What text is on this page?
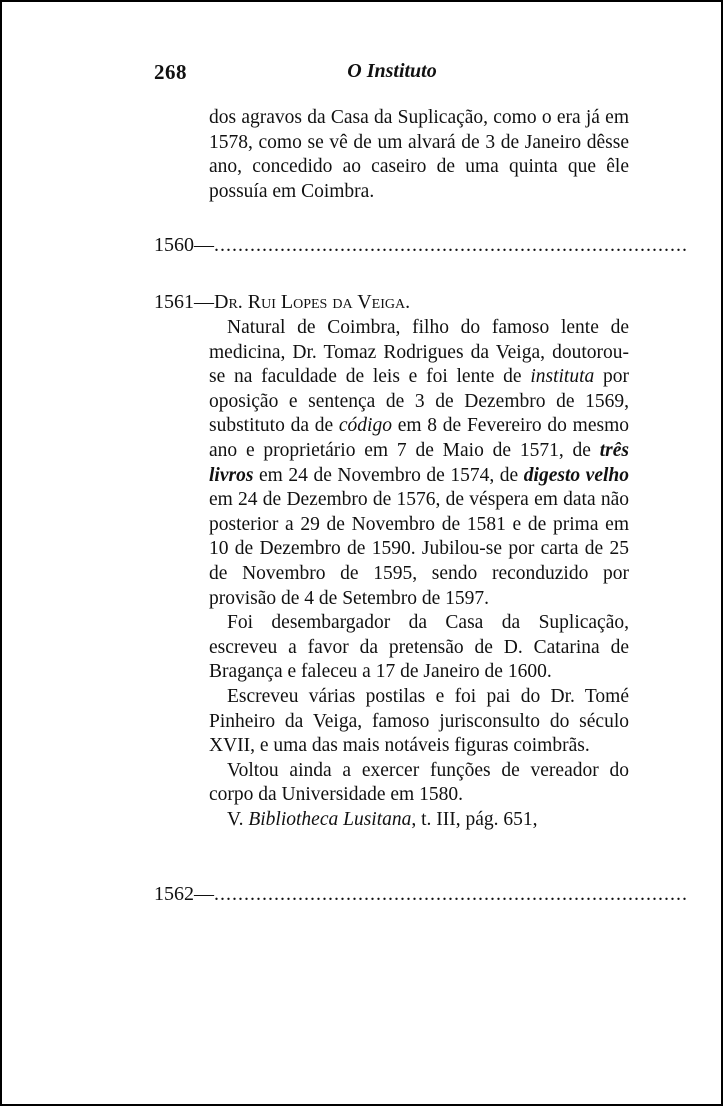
268	O Instituto
dos agravos da Casa da Suplicação, como o era já em 1578, como se vê de um alvará de 3 de Janeiro dêsse ano, concedido ao caseiro de uma quinta que êle possuía em Coimbra.
1560—...............................................................................
1561—Dr. Rui Lopes da Veiga.

Natural de Coimbra, filho do famoso lente de medicina, Dr. Tomaz Rodrigues da Veiga, doutorou-se na faculdade de leis e foi lente de instituta por oposição e sentença de 3 de Dezembro de 1569, substituto da de código em 8 de Fevereiro do mesmo ano e proprietário em 7 de Maio de 1571, de três livros em 24 de Novembro de 1574, de digesto velho em 24 de Dezembro de 1576, de véspera em data não posterior a 29 de Novembro de 1581 e de prima em 10 de Dezembro de 1590. Jubilou-se por carta de 25 de Novembro de 1595, sendo reconduzido por provisão de 4 de Setembro de 1597.

Foi desembargador da Casa da Suplicação, escreveu a favor da pretensão de D. Catarina de Bragança e faleceu a 17 de Janeiro de 1600.

Escreveu várias postilas e foi pai do Dr. Tomé Pinheiro da Veiga, famoso jurisconsulto do século XVII, e uma das mais notáveis figuras coimbrãs.

Voltou ainda a exercer funções de vereador do corpo da Universidade em 1580.

V. Bibliotheca Lusitana, t. III, pág. 651,

1562—...............................................................................
